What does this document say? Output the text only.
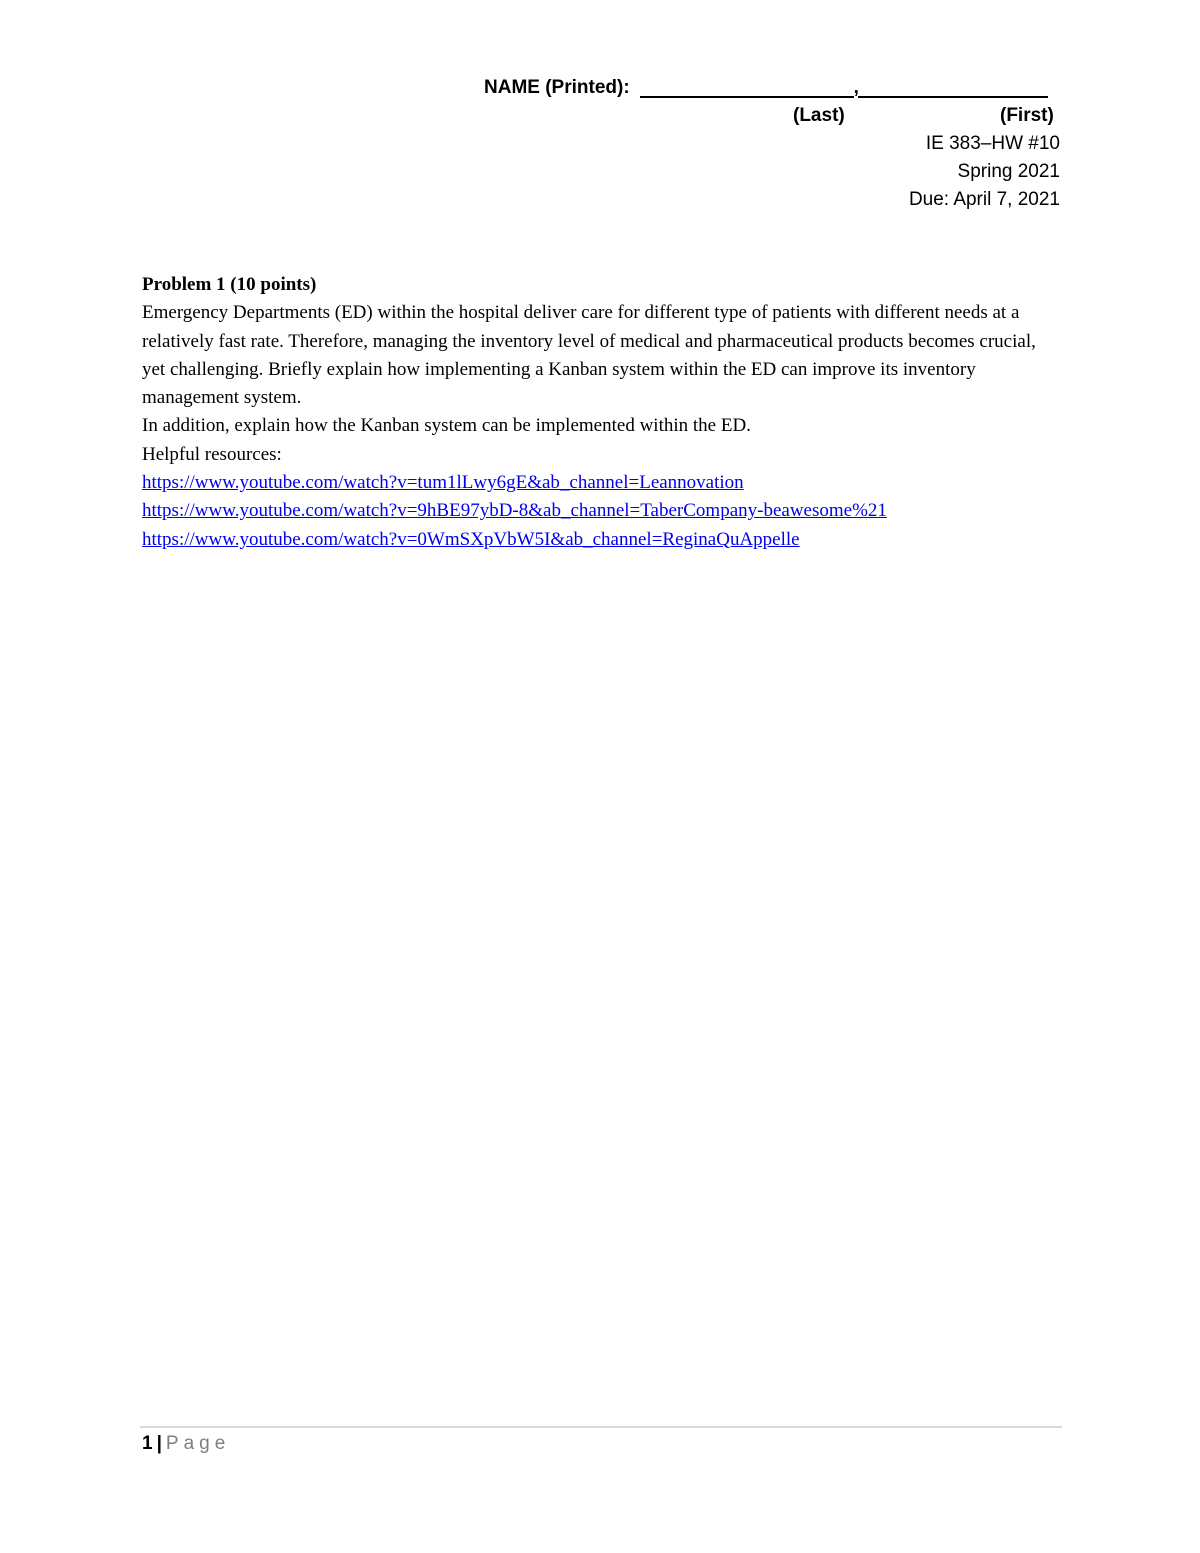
NAME (Printed):	,
(Last)	(First)
IE 383–HW #10
Spring 2021
Due: April 7, 2021

Problem 1 (10 points)

Emergency Departments (ED) within the hospital deliver care for different type of patients with different needs at a relatively fast rate. Therefore, managing the inventory level of medical and pharmaceutical products becomes crucial, yet challenging. Briefly explain how implementing a Kanban system within the ED can improve its inventory management system.

In addition, explain how the Kanban system can be implemented within the ED.

Helpful resources:

https://www.youtube.com/watch?v=tum1lLwy6gE&ab_channel=Leannovation
https://www.youtube.com/watch?v=9hBE97ybD-8&ab_channel=TaberCompany-beawesome%21
https://www.youtube.com/watch?v=0WmSXpVbW5I&ab_channel=ReginaQuAppelle
1 | Page
